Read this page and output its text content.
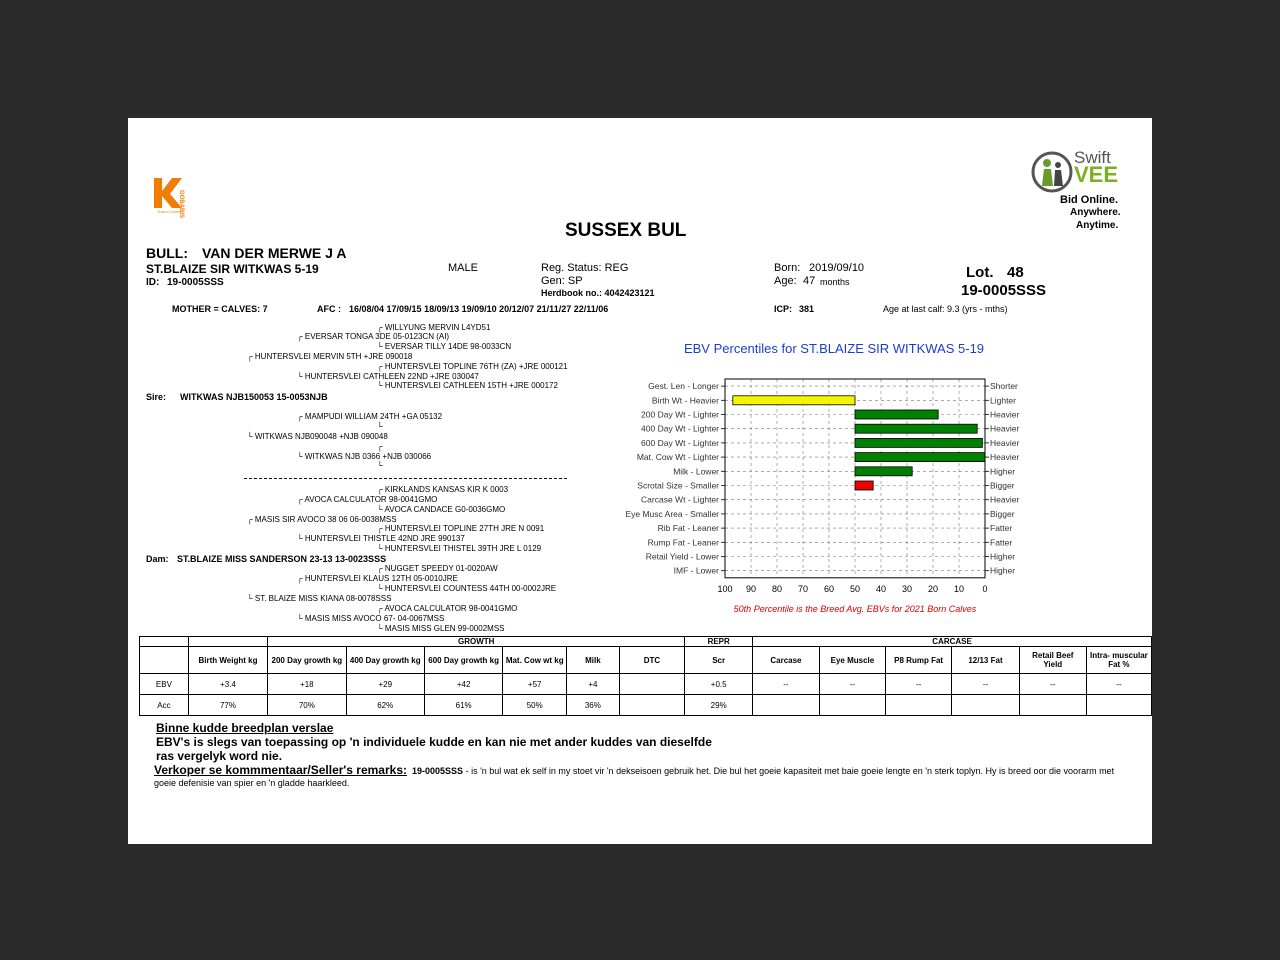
GOBABIS
Karoo Ochse
Swift
VEE
Bid Online.
Anywhere.
Anytime.
SUSSEX BUL
BULL: VAN DER MERWE J A
ST.BLAIZE SIR WITKWAS 5-19
ID: 19-0005SSS
MALE	Reg. Status: REG
Gen: SP
Herdbook no.: 4042423121
Born: 2019/09/10
Age: 47 months
Lot. 48
19-0005SSS
MOTHER = CALVES: 7	AFC : 16/08/04 17/09/15 18/09/13 19/09/10 20/12/07 21/11/27 22/11/06	ICP: 381	Age at last calf: 9.3 (yrs - mths)
┌ WILLYUNG MERVIN L4YD51
┌ EVERSAR TONGA 3DE 05-0123CN (AI)
└ EVERSAR TILLY 14DE 98-0033CN
┌ HUNTERSVLEI MERVIN 5TH +JRE 090018
┌ HUNTERSVLEI TOPLINE 76TH (ZA) +JRE 000121
└ HUNTERSVLEI CATHLEEN 22ND +JRE 030047
└ HUNTERSVLEI CATHLEEN 15TH +JRE 000172
Sire: WITKWAS NJB150053 15-0053NJB
┌ MAMPUDI WILLIAM 24TH +GA 05132
└
└ WITKWAS NJB090048 +NJB 090048
┌
└ WITKWAS NJB 0366 +NJB 030066
└
┌ KIRKLANDS KANSAS KIR K 0003
┌ AVOCA CALCULATOR 98-0041GMO
└ AVOCA CANDACE G0-0036GMO
┌ MASIS SIR AVOCO 38 06 06-0038MSS
┌ HUNTERSVLEI TOPLINE 27TH JRE N 0091
└ HUNTERSVLEI THISTLE 42ND JRE 990137
└ HUNTERSVLEI THISTEL 39TH JRE L 0129
Dam: ST.BLAIZE MISS SANDERSON 23-13 13-0023SSS
┌ NUGGET SPEEDY 01-0020AW
┌ HUNTERSVLEI KLAUS 12TH 05-0010JRE
└ HUNTERSVLEI COUNTESS 44TH 00-0002JRE
└ ST. BLAIZE MISS KIANA 08-0078SSS
┌ AVOCA CALCULATOR 98-0041GMO
└ MASIS MISS AVOCO 67- 04-0067MSS
└ MASIS MISS GLEN 99-0002MSS
EBV Percentiles for ST.BLAIZE SIR WITKWAS 5-19
50th Percentile is the Breed Avg. EBVs for 2021 Born Calves
100 90 80 70 60 50 40 30 20 10 0
Gest. Len - Longer	Shorter
Birth Wt - Heavier	Lighter
200 Day Wt - Lighter	Heavier
400 Day Wt - Lighter	Heavier
600 Day Wt - Lighter	Heavier
Mat. Cow Wt - Lighter	Heavier
Milk - Lower	Higher
Scrotal Size - Smaller	Bigger
Carcase Wt - Lighter	Heavier
Eye Musc Area - Smaller	Bigger
Rib Fat - Leaner	Fatter
Rump Fat - Leaner	Fatter
Retail Yield - Lower	Higher
IMF - Lower	Higher
		GROWTH						REPR	CARCASE					
	Birth Weight kg	200 Day growth kg	400 Day growth kg	600 Day growth kg	Mat. Cow wt kg	Milk	DTC	Scr	Carcase	Eye Muscle	P8 Rump Fat	12/13 Fat	Retail Beef Yield	Intra- muscular Fat %
EBV	+3.4	+18	+29	+42	+57	+4		+0.5	--	--	--	--	--	--
Acc	77%	70%	62%	61%	50%	36%		29%						
Binne kudde breedplan verslae
EBV's is slegs van toepassing op 'n individuele kudde en kan nie met ander kuddes van dieselfde
ras vergelyk word nie.
Verkoper se kommmentaar/Seller's remarks: 19-0005SSS - is 'n bul wat ek self in my stoet vir 'n dekseisoen gebruik het. Die bul het goeie kapasiteit met baie goeie lengte en 'n sterk toplyn. Hy is breed oor die voorarm met goeie defenisie van spier en 'n gladde haarkleed.
